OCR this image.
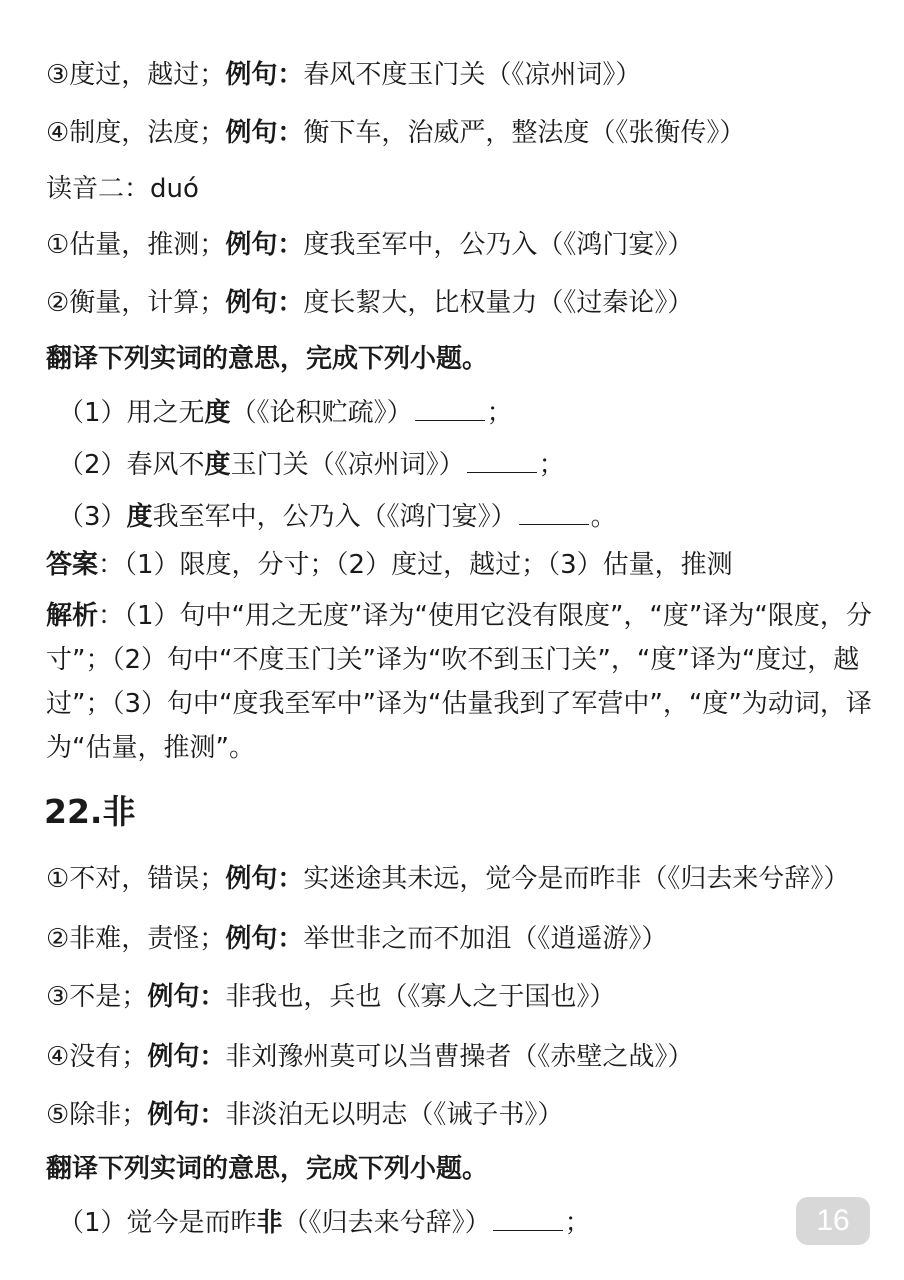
③度过，越过；例句：春风不度玉门关（《凉州词》）
④制度，法度；例句：衡下车，治威严，整法度（《张衡传》）
读音二：duó
①估量，推测；例句：度我至军中，公乃入（《鸿门宴》）
②衡量，计算；例句：度长絜大，比权量力（《过秦论》）
翻译下列实词的意思，完成下列小题。
（1）用之无度（《论积贮疏》）	；
（2）春风不度玉门关（《凉州词》）	；
（3）度我至军中，公乃入（《鸿门宴》）	。
答案：（1）限度，分寸；（2）度过，越过；（3）估量，推测
解析：（1）句中“用之无度”译为“使用它没有限度”，“度”译为“限度，分寸”；（2）句中“不度玉门关”译为“吹不到玉门关”，“度”译为“度过，越过”；（3）句中“度我至军中”译为“估量我到了军营中”，“度”为动词，译为“估量，推测”。
22.非
①不对，错误；例句：实迷途其未远，觉今是而昨非（《归去来兮辞》）
②非难，责怪；例句：举世非之而不加沮（《逍遥游》）
③不是；例句：非我也，兵也（《寡人之于国也》）
④没有；例句：非刘豫州莫可以当曹操者（《赤壁之战》）
⑤除非；例句：非淡泊无以明志（《诫子书》）
翻译下列实词的意思，完成下列小题。
（1）觉今是而昨非（《归去来兮辞》）	；	16
